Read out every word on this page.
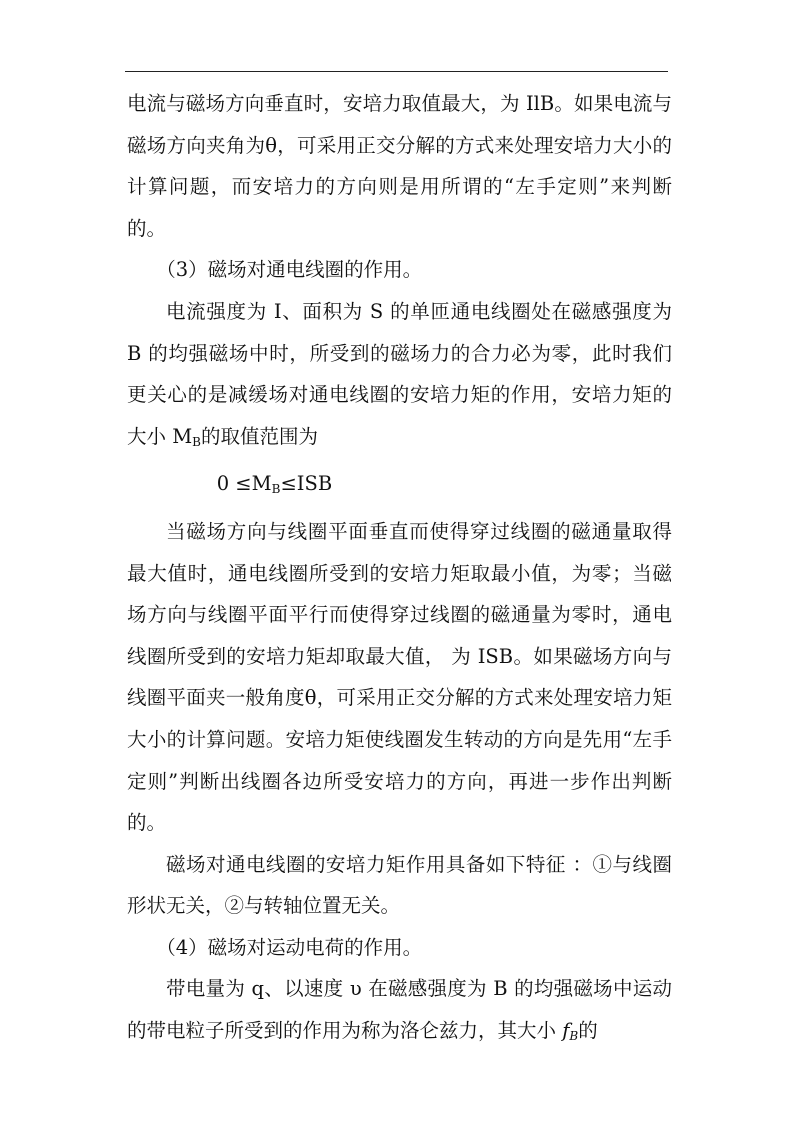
电流与磁场方向垂直时，安培力取值最大，为 IlB。如果电流与磁场方向夹角为θ，可采用正交分解的方式来处理安培力大小的计算问题，而安培力的方向则是用所谓的“左手定则”来判断的。

（3）磁场对通电线圈的作用。

电流强度为 I、面积为 S 的单匝通电线圈处在磁感强度为 B 的均强磁场中时，所受到的磁场力的合力必为零，此时我们更关心的是减缓场对通电线圈的安培力矩的作用，安培力矩的大小 $M_B$的取值范围为

$0 \le M_B\le ISB$

当磁场方向与线圈平面垂直而使得穿过线圈的磁通量取得最大值时，通电线圈所受到的安培力矩取最小值，为零；当磁场方向与线圈平面平行而使得穿过线圈的磁通量为零时，通电线圈所受到的安培力矩却取最大值， 为 ISB。如果磁场方向与线圈平面夹一般角度θ，可采用正交分解的方式来处理安培力矩大小的计算问题。安培力矩使线圈发生转动的方向是先用“左手定则”判断出线圈各边所受安培力的方向，再进一步作出判断的。

磁场对通电线圈的安培力矩作用具备如下特征 ：①与线圈形状无关，②与转轴位置无关。

（4）磁场对运动电荷的作用。

带电量为 q、以速度 υ 在磁感强度为 B 的均强磁场中运动的带电粒子所受到的作用为称为洛仑兹力，其大小 $f_B$的
